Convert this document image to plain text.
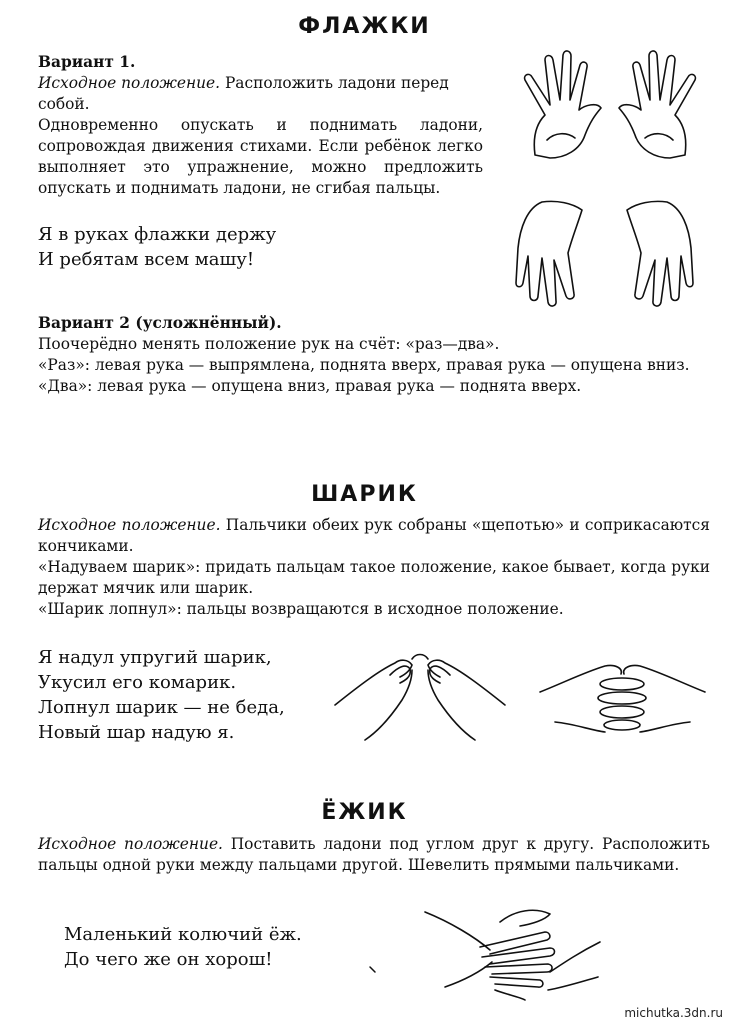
ФЛАЖКИ
Вариант 1.
Исходное положение. Расположить ладони перед
собой.
Одновременно опускать и поднимать ладони, сопровождая движения стихами. Если ребёнок легко выполняет это упражнение, можно предложить опускать и поднимать ладони, не сгибая пальцы.
Я в руках флажки держу
И ребятам всем машу!
Вариант 2 (усложнённый).
Поочерёдно менять положение рук на счёт: «раз—два».
«Раз»: левая рука — выпрямлена, поднята вверх, правая рука — опущена вниз.
«Два»: левая рука — опущена вниз, правая рука — поднята вверх.
ШАРИК
Исходное положение. Пальчики обеих рук собраны «щепотью» и соприкасаются кончиками.
«Надуваем шарик»: придать пальцам такое положение, какое бывает, когда руки держат мячик или шарик.
«Шарик лопнул»: пальцы возвращаются в исходное положение.
Я надул упругий шарик,
Укусил его комарик.
Лопнул шарик — не беда,
Новый шар надую я.
ЁЖИК
Исходное положение. Поставить ладони под углом друг к другу. Расположить пальцы одной руки между пальцами другой. Шевелить прямыми пальчиками.
Маленький колючий ёж.
До чего же он хорош!
michutka.3dn.ru
